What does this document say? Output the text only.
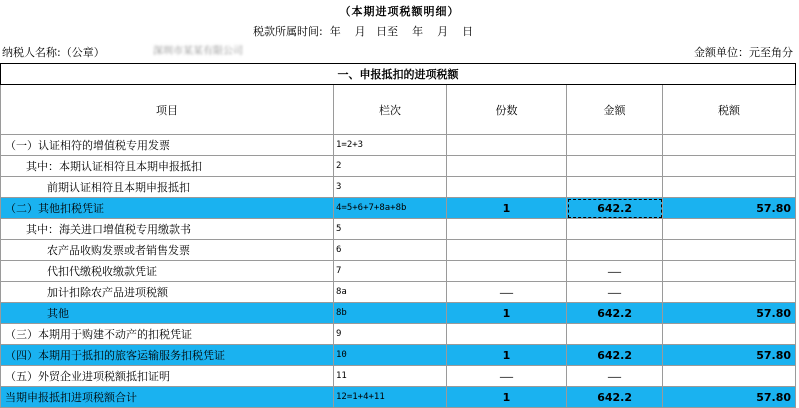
（本期进项税额明细）
税款所属时间:  年    月   日至    年    月    日
纳税人名称:（公章）	深圳市某某有限公司	金额单位：元至角分
一、申报抵扣的进项税额				
项目	栏次	份数	金额	税额
（一）认证相符的增值税专用发票	1=2+3			
其中：本期认证相符且本期申报抵扣	2			
前期认证相符且本期申报抵扣	3			
（二）其他扣税凭证	4=5+6+7+8a+8b	1	642.2	57.80
其中：海关进口增值税专用缴款书	5			
农产品收购发票或者销售发票	6			
代扣代缴税收缴款凭证	7		——	
加计扣除农产品进项税额	8a	——	——	
其他	8b	1	642.2	57.80
（三）本期用于购建不动产的扣税凭证	9			
（四）本期用于抵扣的旅客运输服务扣税凭证	10	1	642.2	57.80
（五）外贸企业进项税额抵扣证明	11	——	——	
当期申报抵扣进项税额合计	12=1+4+11	1	642.2	57.80
